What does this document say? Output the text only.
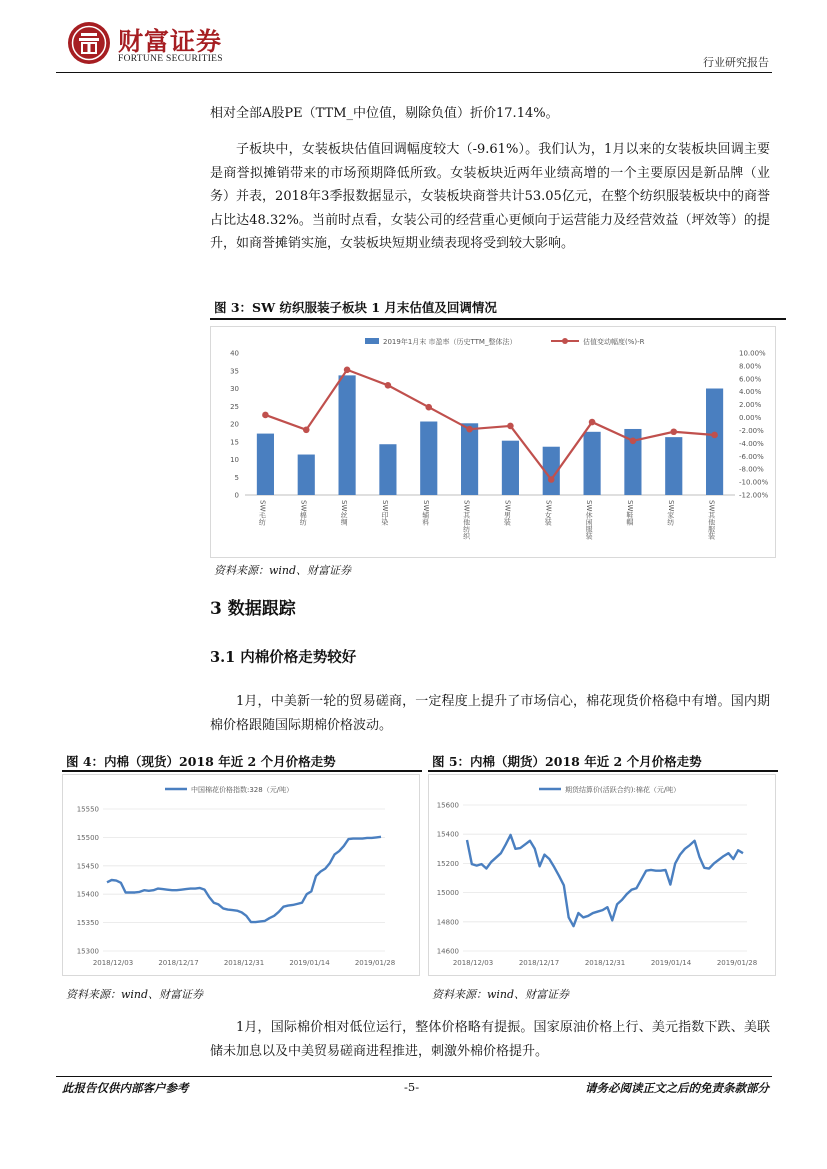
财富证券
FORTUNE SECURITIES	行业研究报告
相对全部A股PE（TTM_中位值，剔除负值）折价17.14%。
子板块中，女装板块估值回调幅度较大（-9.61%）。我们认为，1月以来的女装板块回调主要是商誉拟摊销带来的市场预期降低所致。女装板块近两年业绩高增的一个主要原因是新品牌（业务）并表，2018年3季报数据显示，女装板块商誉共计53.05亿元，在整个纺织服装板块中的商誉占比达48.32%。当前时点看，女装公司的经营重心更倾向于运营能力及经营效益（坪效等）的提升，如商誉摊销实施，女装板块短期业绩表现将受到较大影响。
图 3：SW 纺织服装子板块 1 月末估值及回调情况
2019年1月末 市盈率（历史TTM_整体法）	估值变动幅度(%)-R
40
35
30
25
20
15
10
5
0
10.00%
8.00%
6.00%
4.00%
2.00%
0.00%
-2.00%
-4.00%
-6.00%
-8.00%
-10.00%
-12.00%
SW毛纺	SW棉纺	SW丝绸	SW印染	SW辅料	SW其他纺织	SW男装	SW女装	SW休闲服装	SW鞋帽	SW家纺	SW其他服装
资料来源：wind、财富证券
3 数据跟踪
3.1 内棉价格走势较好
1月，中美新一轮的贸易磋商，一定程度上提升了市场信心，棉花现货价格稳中有增。国内期棉价格跟随国际期棉价格波动。
图 4：内棉（现货）2018 年近 2 个月价格走势
中国棉花价格指数:328（元/吨）
15550
15500
15450
15400
15350
15300
2018/12/03	2018/12/17	2018/12/31	2019/01/14	2019/01/28
资料来源：wind、财富证券
图 5：内棉（期货）2018 年近 2 个月价格走势
期货结算价(活跃合约):棉花（元/吨）
15600
15400
15200
15000
14800
14600
2018/12/03	2018/12/17	2018/12/31	2019/01/14	2019/01/28
资料来源：wind、财富证券
1月，国际棉价相对低位运行，整体价格略有提振。国家原油价格上行、美元指数下跌、美联储未加息以及中美贸易磋商进程推进，刺激外棉价格提升。
此报告仅供内部客户参考	-5-	请务必阅读正文之后的免责条款部分
